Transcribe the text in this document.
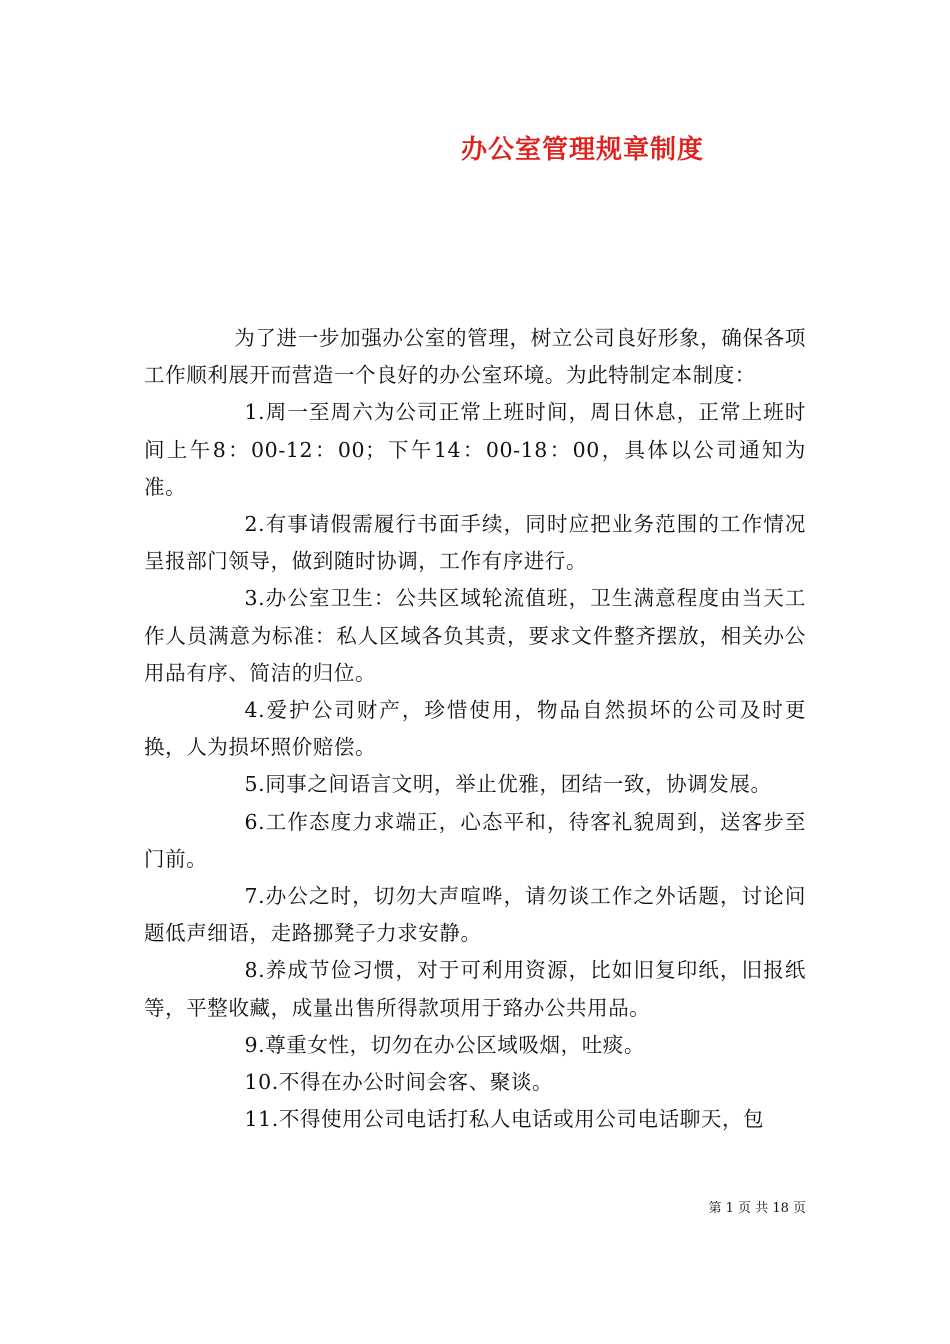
办公室管理规章制度

为了进一步加强办公室的管理，树立公司良好形象，确保各项工作顺利展开而营造一个良好的办公室环境。为此特制定本制度：

1.周一至周六为公司正常上班时间，周日休息，正常上班时间上午8：00-12：00；下午14：00-18：00，具体以公司通知为准。

2.有事请假需履行书面手续，同时应把业务范围的工作情况呈报部门领导，做到随时协调，工作有序进行。

3.办公室卫生：公共区域轮流值班，卫生满意程度由当天工作人员满意为标准：私人区域各负其责，要求文件整齐摆放，相关办公用品有序、简洁的归位。

4.爱护公司财产，珍惜使用，物品自然损坏的公司及时更换，人为损坏照价赔偿。

5.同事之间语言文明，举止优雅，团结一致，协调发展。

6.工作态度力求端正，心态平和，待客礼貌周到，送客步至门前。

7.办公之时，切勿大声喧哗，请勿谈工作之外话题，讨论问题低声细语，走路挪凳子力求安静。

8.养成节俭习惯，对于可利用资源，比如旧复印纸，旧报纸等，平整收藏，成量出售所得款项用于臵办公共用品。

9.尊重女性，切勿在办公区域吸烟，吐痰。

10.不得在办公时间会客、聚谈。

11.不得使用公司电话打私人电话或用公司电话聊天，包

第 1 页 共 18 页
